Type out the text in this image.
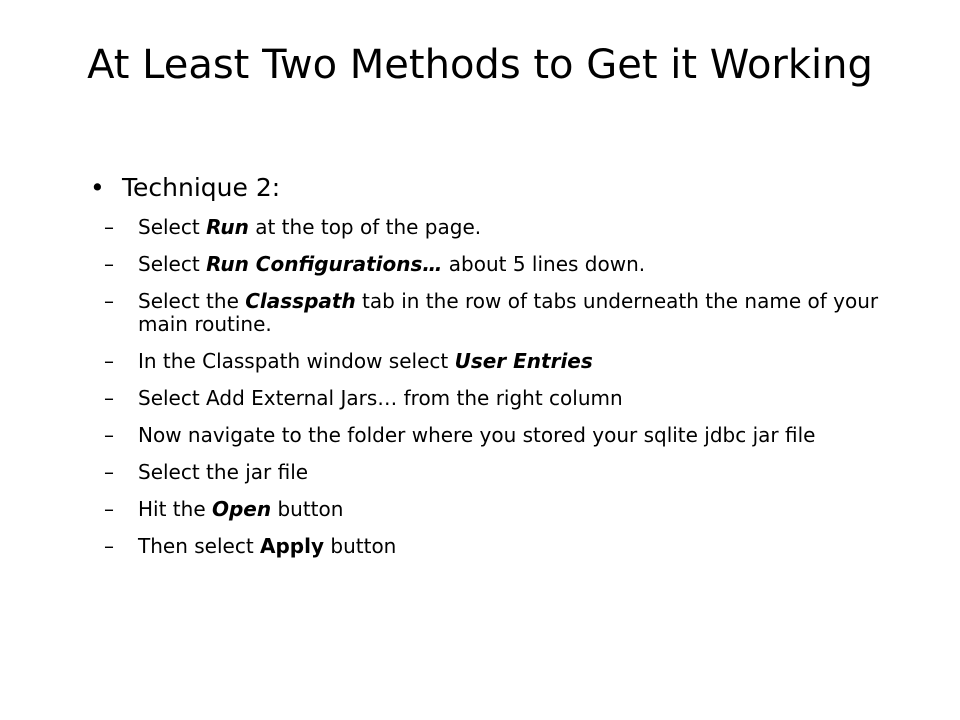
At Least Two Methods to Get it Working
• Technique 2:
– Select Run at the top of the page.
– Select Run Configurations… about 5 lines down.
– Select the Classpath tab in the row of tabs underneath the name of your main routine.
– In the Classpath window select User Entries
– Select Add External Jars… from the right column
– Now navigate to the folder where you stored your sqlite jdbc jar file
– Select the jar file
– Hit the Open button
– Then select Apply button
